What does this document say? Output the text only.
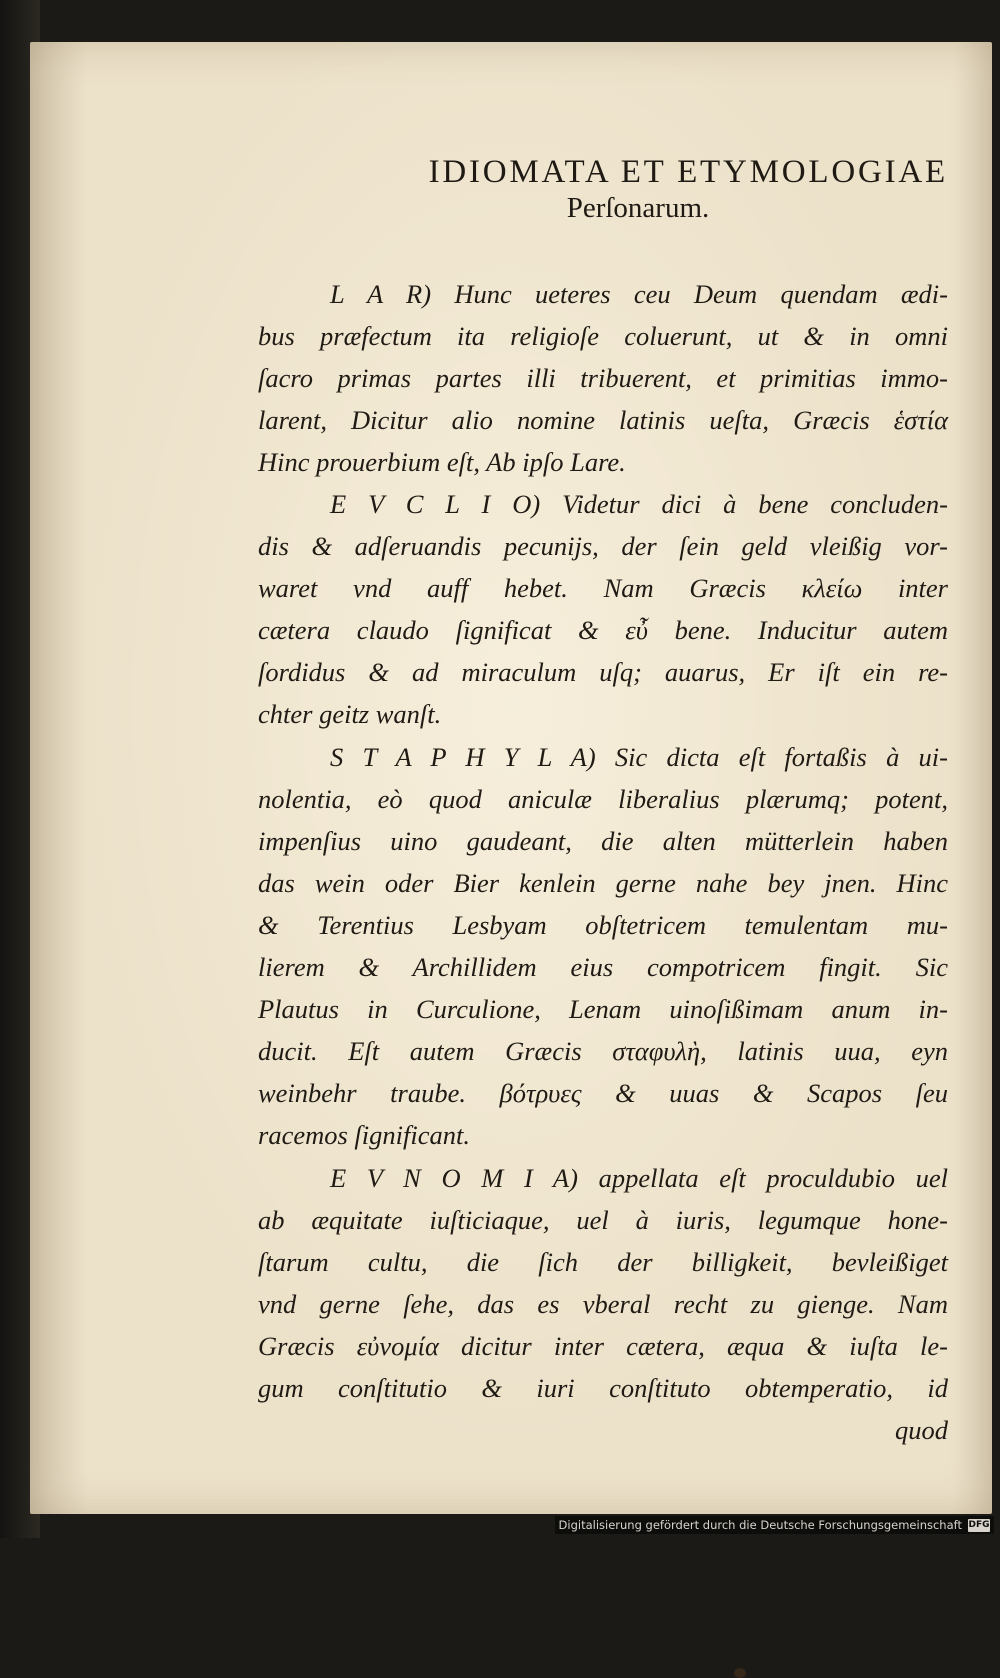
IDIOMATA ET ETYMOLOGIAE
Perſonarum.
L A R) Hunc ueteres ceu Deum quendam ædi-
bus præfectum ita religioſe coluerunt, ut & in omni
ſacro primas partes illi tribuerent, et primitias immo-
larent, Dicitur alio nomine latinis ueſta, Græcis ἑστία
Hinc prouerbium eſt, Ab ipſo Lare.
E V C L I O) Videtur dici à bene concluden-
dis & adſeruandis pecunijs, der ſein geld vleißig vor-
waret vnd auff hebet. Nam Græcis κλείω inter
cætera claudo ſignificat & εὖ bene. Inducitur autem
ſordidus & ad miraculum uſq; auarus, Er iſt ein re-
chter geitz wanſt.
S T A P H Y L A) Sic dicta eſt fortaßis à ui-
nolentia, eò quod aniculæ liberalius plærumq; potent,
impenſius uino gaudeant, die alten mütterlein haben
das wein oder Bier kenlein gerne nahe bey jnen. Hinc
& Terentius Lesbyam obſtetricem temulentam mu-
lierem & Archillidem eius compotricem fingit. Sic
Plautus in Curculione, Lenam uinoſißimam anum in-
ducit. Eſt autem Græcis σταφυλὴ, latinis uua, eyn
weinbehr traube. βότρυες & uuas & Scapos ſeu
racemos ſignificant.
E V N O M I A) appellata eſt proculdubio uel
ab æquitate iuſticiaque, uel à iuris, legumque hone-
ſtarum cultu, die ſich der billigkeit, bevleißiget
vnd gerne ſehe, das es vberal recht zu gienge. Nam
Græcis εὐνομία dicitur inter cætera, æqua & iuſta le-
gum conſtitutio & iuri conſtituto obtemperatio, id
quod
Digitalisierung gefördert durch die Deutsche Forschungsgemeinschaft DFG
